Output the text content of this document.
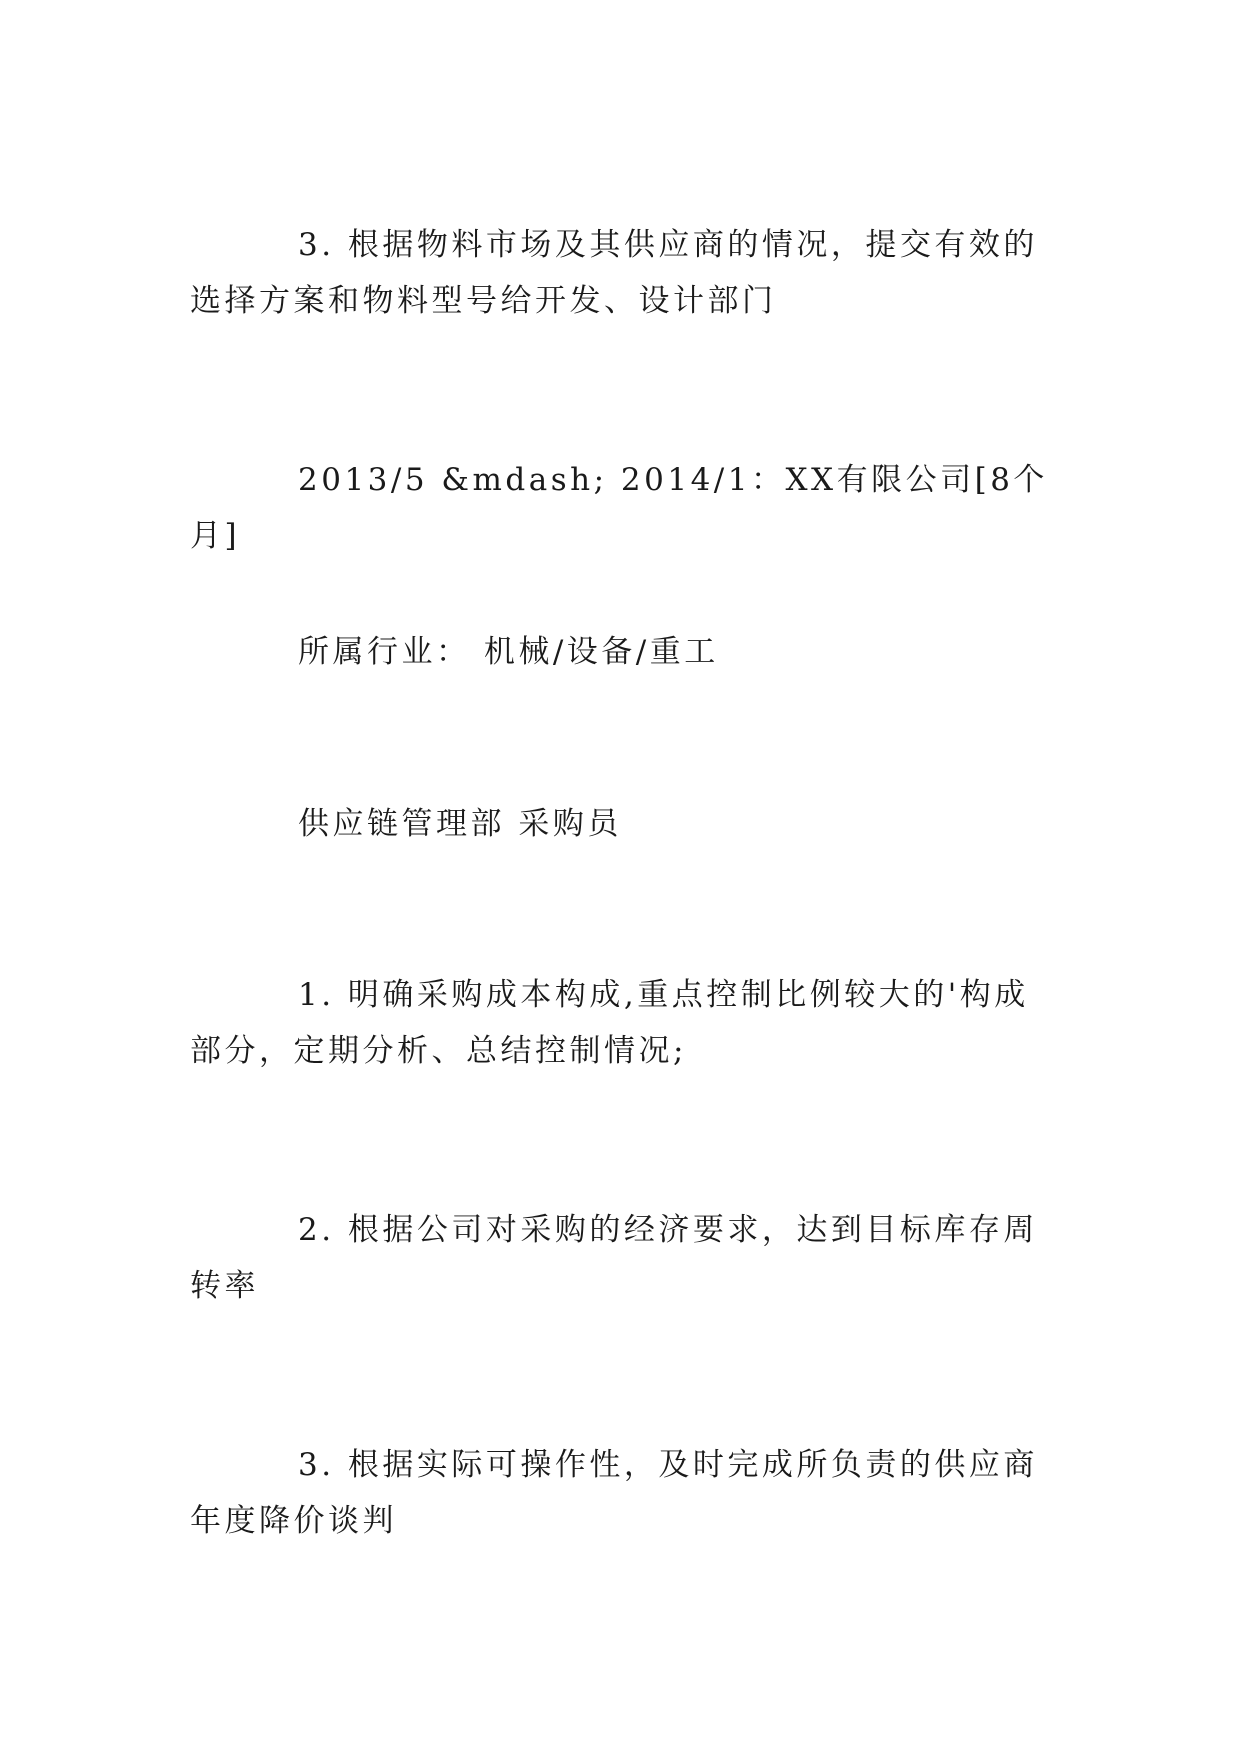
3. 根据物料市场及其供应商的情况，提交有效的选择方案和物料型号给开发、设计部门

2013/5 &mdash; 2014/1：XX有限公司[8个月]

所属行业： 机械/设备/重工

供应链管理部 采购员

1. 明确采购成本构成,重点控制比例较大的'构成部分，定期分析、总结控制情况;

2. 根据公司对采购的经济要求，达到目标库存周转率

3. 根据实际可操作性，及时完成所负责的供应商年度降价谈判
